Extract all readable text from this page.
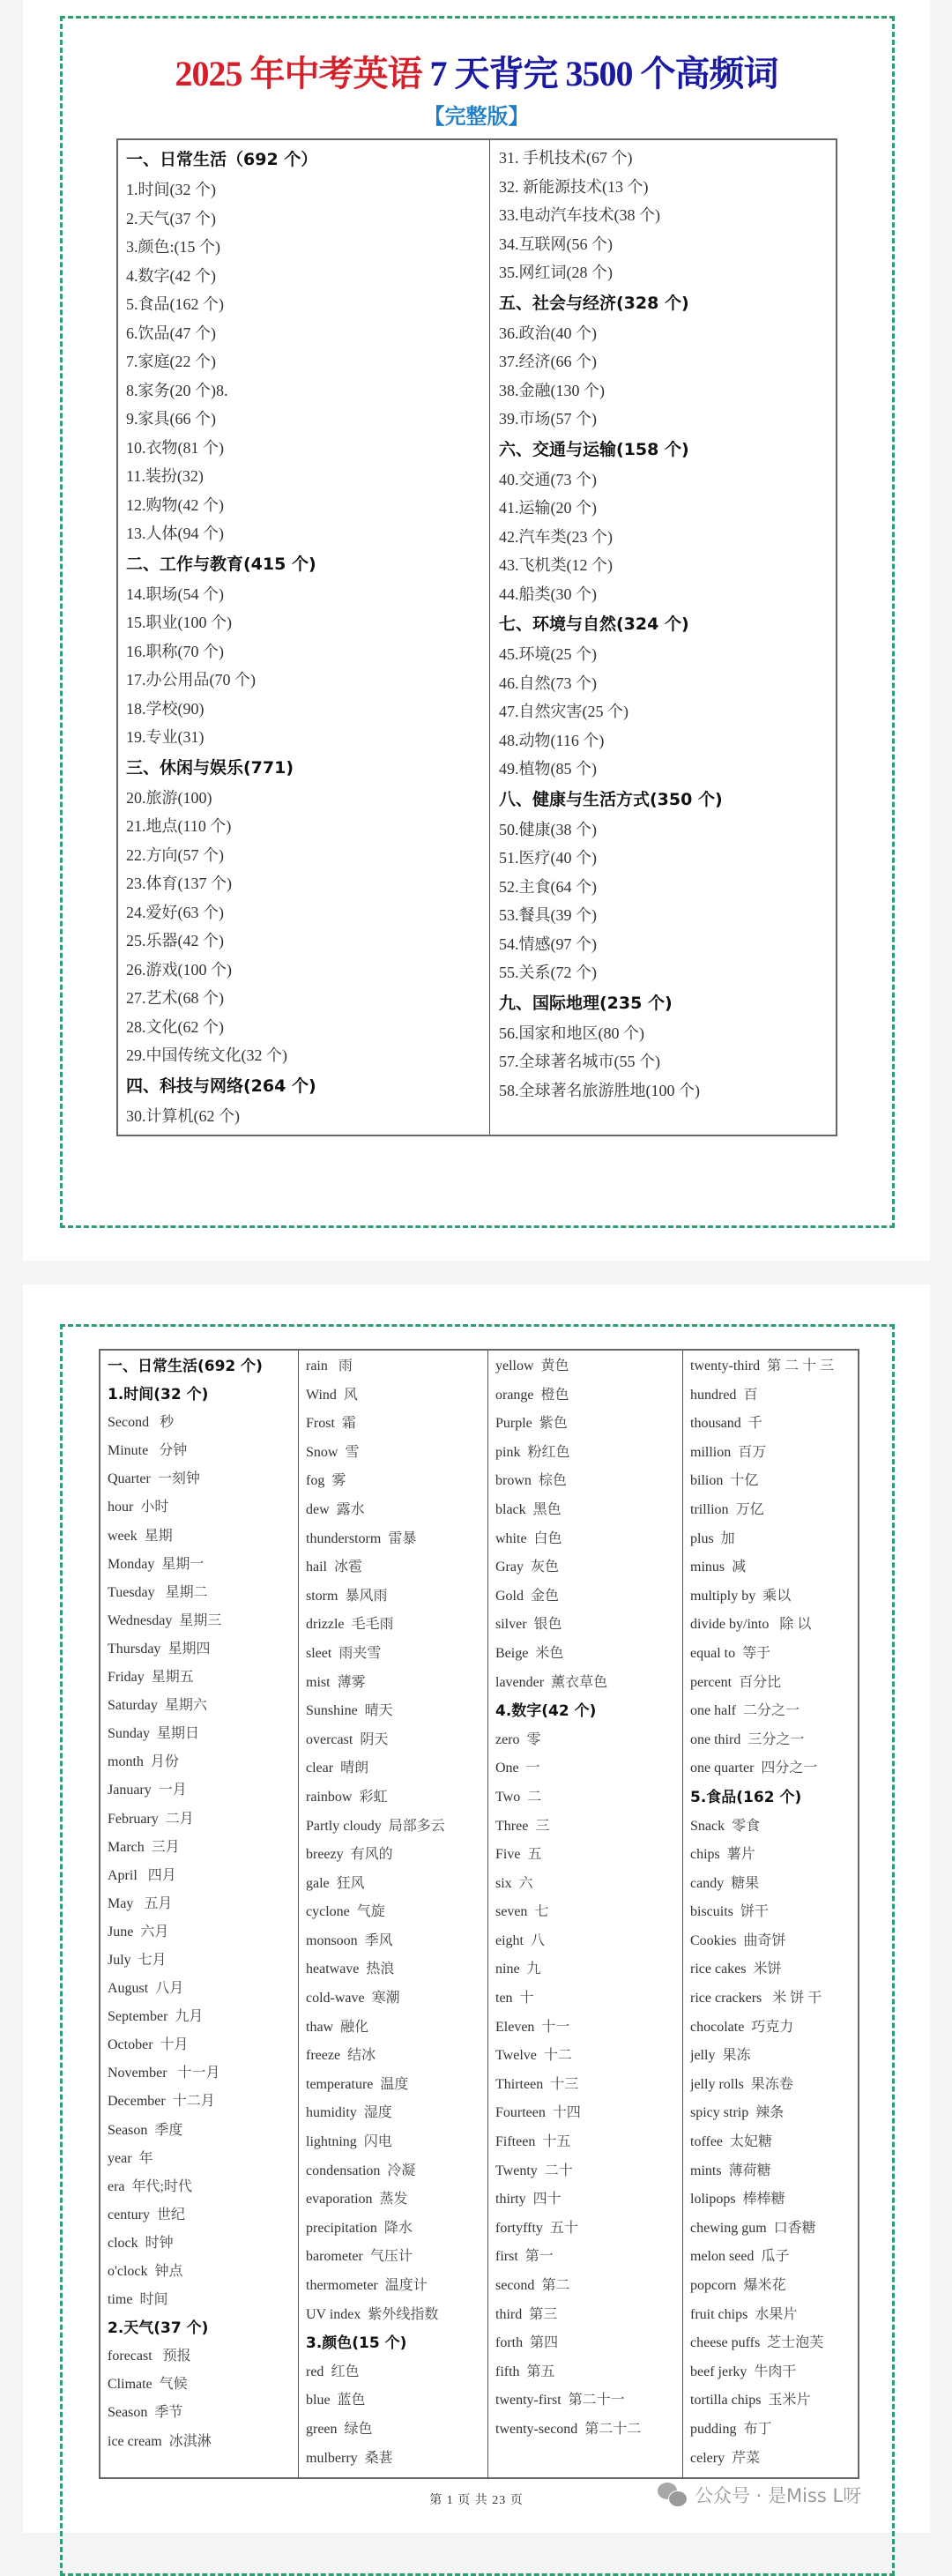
2025 年中考英语 7 天背完 3500 个高频词
【完整版】
一、日常生活（692 个）
1.时间(32 个)
2.天气(37 个)
3.颜色:(15 个)
4.数字(42 个)
5.食品(162 个)
6.饮品(47 个)
7.家庭(22 个)
8.家务(20 个)8.
9.家具(66 个)
10.衣物(81 个)
11.装扮(32)
12.购物(42 个)
13.人体(94 个)
二、工作与教育(415 个)
14.职场(54 个)
15.职业(100 个)
16.职称(70 个)
17.办公用品(70 个)
18.学校(90)
19.专业(31)
三、休闲与娱乐(771)
20.旅游(100)
21.地点(110 个)
22.方向(57 个)
23.体育(137 个)
24.爱好(63 个)
25.乐器(42 个)
26.游戏(100 个)
27.艺术(68 个)
28.文化(62 个)
29.中国传统文化(32 个)
四、科技与网络(264 个)
30.计算机(62 个)
31. 手机技术(67 个)
32. 新能源技术(13 个)
33.电动汽车技术(38 个)
34.互联网(56 个)
35.网红词(28 个)
五、社会与经济(328 个)
36.政治(40 个)
37.经济(66 个)
38.金融(130 个)
39.市场(57 个)
六、交通与运输(158 个)
40.交通(73 个)
41.运输(20 个)
42.汽车类(23 个)
43.飞机类(12 个)
44.船类(30 个)
七、环境与自然(324 个)
45.环境(25 个)
46.自然(73 个)
47.自然灾害(25 个)
48.动物(116 个)
49.植物(85 个)
八、健康与生活方式(350 个)
50.健康(38 个)
51.医疗(40 个)
52.主食(64 个)
53.餐具(39 个)
54.情感(97 个)
55.关系(72 个)
九、国际地理(235 个)
56.国家和地区(80 个)
57.全球著名城市(55 个)
58.全球著名旅游胜地(100 个)
一、日常生活(692 个)
1.时间(32 个)
Second 秒
Minute 分钟
Quarter 一刻钟
hour 小时
week 星期
Monday 星期一
Tuesday 星期二
Wednesday 星期三
Thursday 星期四
Friday 星期五
Saturday 星期六
Sunday 星期日
month 月份
January 一月
February 二月
March 三月
April 四月
May 五月
June 六月
July 七月
August 八月
September 九月
October 十月
November 十一月
December 十二月
Season 季度
year 年
era 年代;时代
century 世纪
clock 时钟
o'clock 钟点
time 时间
2.天气(37 个)
forecast 预报
Climate 气候
Season 季节
ice cream 冰淇淋
rain 雨
Wind 风
Frost 霜
Snow 雪
fog 雾
dew 露水
thunderstorm 雷暴
hail 冰雹
storm 暴风雨
drizzle 毛毛雨
sleet 雨夹雪
mist 薄雾
Sunshine 晴天
overcast 阴天
clear 晴朗
rainbow 彩虹
Partly cloudy 局部多云
breezy 有风的
gale 狂风
cyclone 气旋
monsoon 季风
heatwave 热浪
cold-wave 寒潮
thaw 融化
freeze 结冰
temperature 温度
humidity 湿度
lightning 闪电
condensation 冷凝
evaporation 蒸发
precipitation 降水
barometer 气压计
thermometer 温度计
UV index 紫外线指数
3.颜色(15 个)
red 红色
blue 蓝色
green 绿色
mulberry 桑葚
yellow 黄色
orange 橙色
Purple 紫色
pink 粉红色
brown 棕色
black 黑色
white 白色
Gray 灰色
Gold 金色
silver 银色
Beige 米色
lavender 薰衣草色
4.数字(42 个)
zero 零
One 一
Two 二
Three 三
Five 五
six 六
seven 七
eight 八
nine 九
ten 十
Eleven 十一
Twelve 十二
Thirteen 十三
Fourteen 十四
Fifteen 十五
Twenty 二十
thirty 四十
fortyffty 五十
first 第一
second 第二
third 第三
forth 第四
fifth 第五
twenty-first 第二十一
twenty-second 第二十二
twenty-third 第 二 十 三
hundred 百
thousand 千
million 百万
bilion 十亿
trillion 万亿
plus 加
minus 减
multiply by 乘以
divide by/into 除 以
equal to 等于
percent 百分比
one half 二分之一
one third 三分之一
one quarter 四分之一
5.食品(162 个)
Snack 零食
chips 薯片
candy 糖果
biscuits 饼干
Cookies 曲奇饼
rice cakes 米饼
rice crackers 米 饼 干
chocolate 巧克力
jelly 果冻
jelly rolls 果冻卷
spicy strip 辣条
toffee 太妃糖
mints 薄荷糖
lolipops 棒棒糖
chewing gum 口香糖
melon seed 瓜子
popcorn 爆米花
fruit chips 水果片
cheese puffs 芝士泡芙
beef jerky 牛肉干
tortilla chips 玉米片
pudding 布丁
celery 芹菜
第 1 页 共 23 页	公众号 · 是Miss L呀
